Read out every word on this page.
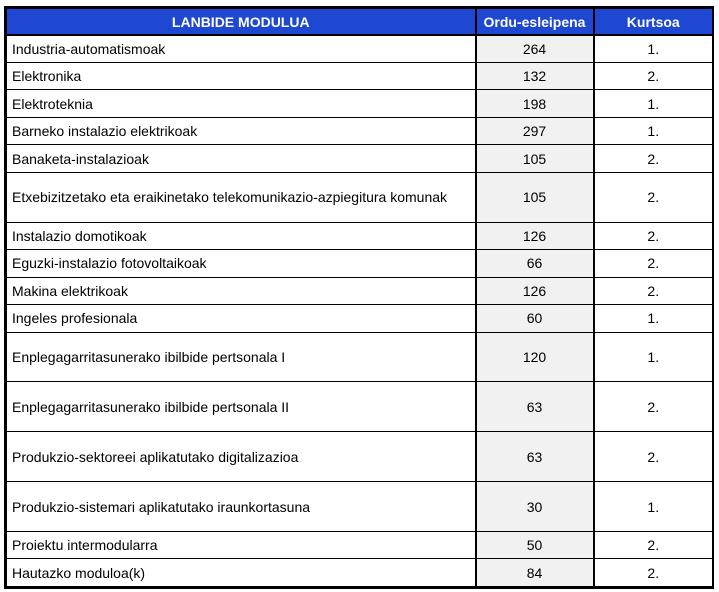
LANBIDE MODULUA	Ordu-esleipena	Kurtsoa
Industria-automatismoak	264	1.
Elektronika	132	2.
Elektroteknia	198	1.
Barneko instalazio elektrikoak	297	1.
Banaketa-instalazioak	105	2.
Etxebizitzetako eta eraikinetako telekomunikazio-azpiegitura komunak	105	2.
Instalazio domotikoak	126	2.
Eguzki-instalazio fotovoltaikoak	66	2.
Makina elektrikoak	126	2.
Ingeles profesionala	60	1.
Enplegagarritasunerako ibilbide pertsonala I	120	1.
Enplegagarritasunerako ibilbide pertsonala II	63	2.
Produkzio-sektoreei aplikatutako digitalizazioa	63	2.
Produkzio-sistemari aplikatutako iraunkortasuna	30	1.
Proiektu intermodularra	50	2.
Hautazko moduloa(k)	84	2.
